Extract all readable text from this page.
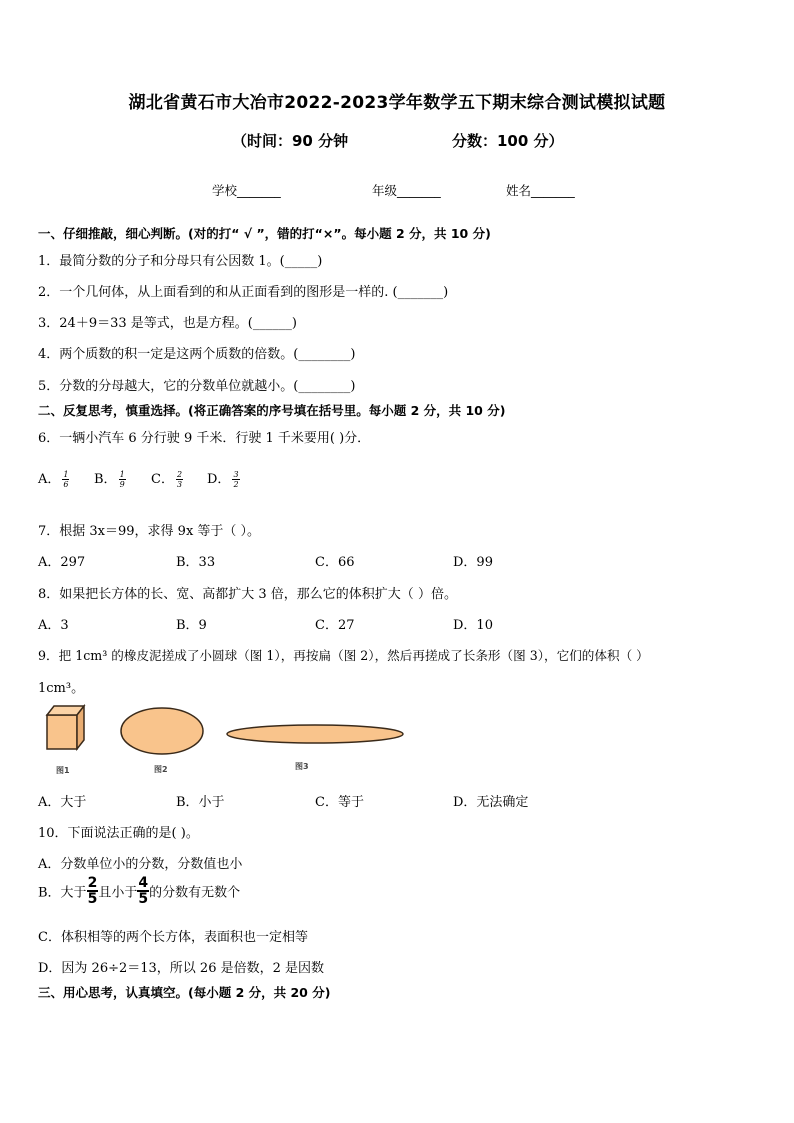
湖北省黄石市大冶市2022-2023学年数学五下期末综合测试模拟试题
（时间：90 分钟	分数：100 分）
学校_______	年级_______	姓名_______
一、仔细推敲，细心判断。(对的打“ √ ”，错的打“×”。每小题 2 分，共 10 分)
1．最简分数的分子和分母只有公因数 1。(_____)
2．一个几何体，从上面看到的和从正面看到的图形是一样的. (_______)
3．24＋9＝33 是等式，也是方程。(______)
4．两个质数的积一定是这两个质数的倍数。(________)
5．分数的分母越大，它的分数单位就越小。(________)
二、反复思考，慎重选择。(将正确答案的序号填在括号里。每小题 2 分，共 10 分)
6．一辆小汽车 6 分行驶 9 千米．行驶 1 千米要用( )分．
A． $\frac{1}{6}$ B． $\frac{1}{9}$ C． $\frac{2}{3}$ D． $\frac{3}{2}$
7．根据 3x＝99，求得 9x 等于（ ）。
A．297	B．33	C．66	D．99
8．如果把长方体的长、宽、高都扩大 3 倍，那么它的体积扩大（ ）倍。
A．3	B．9	C．27	D．10
9．把 1cm³ 的橡皮泥搓成了小圆球（图 1），再按扁（图 2），然后再搓成了长条形（图 3），它们的体积（ ）
1cm³。
图1	图2	图3
A．大于	B．小于	C．等于	D．无法确定
10．下面说法正确的是( )。
A．分数单位小的分数，分数值也小
B．大于 $\frac{2}{5}$ 且小于 $\frac{4}{5}$ 的分数有无数个
C．体积相等的两个长方体，表面积也一定相等
D．因为 26÷2＝13，所以 26 是倍数，2 是因数
三、用心思考，认真填空。(每小题 2 分，共 20 分)
